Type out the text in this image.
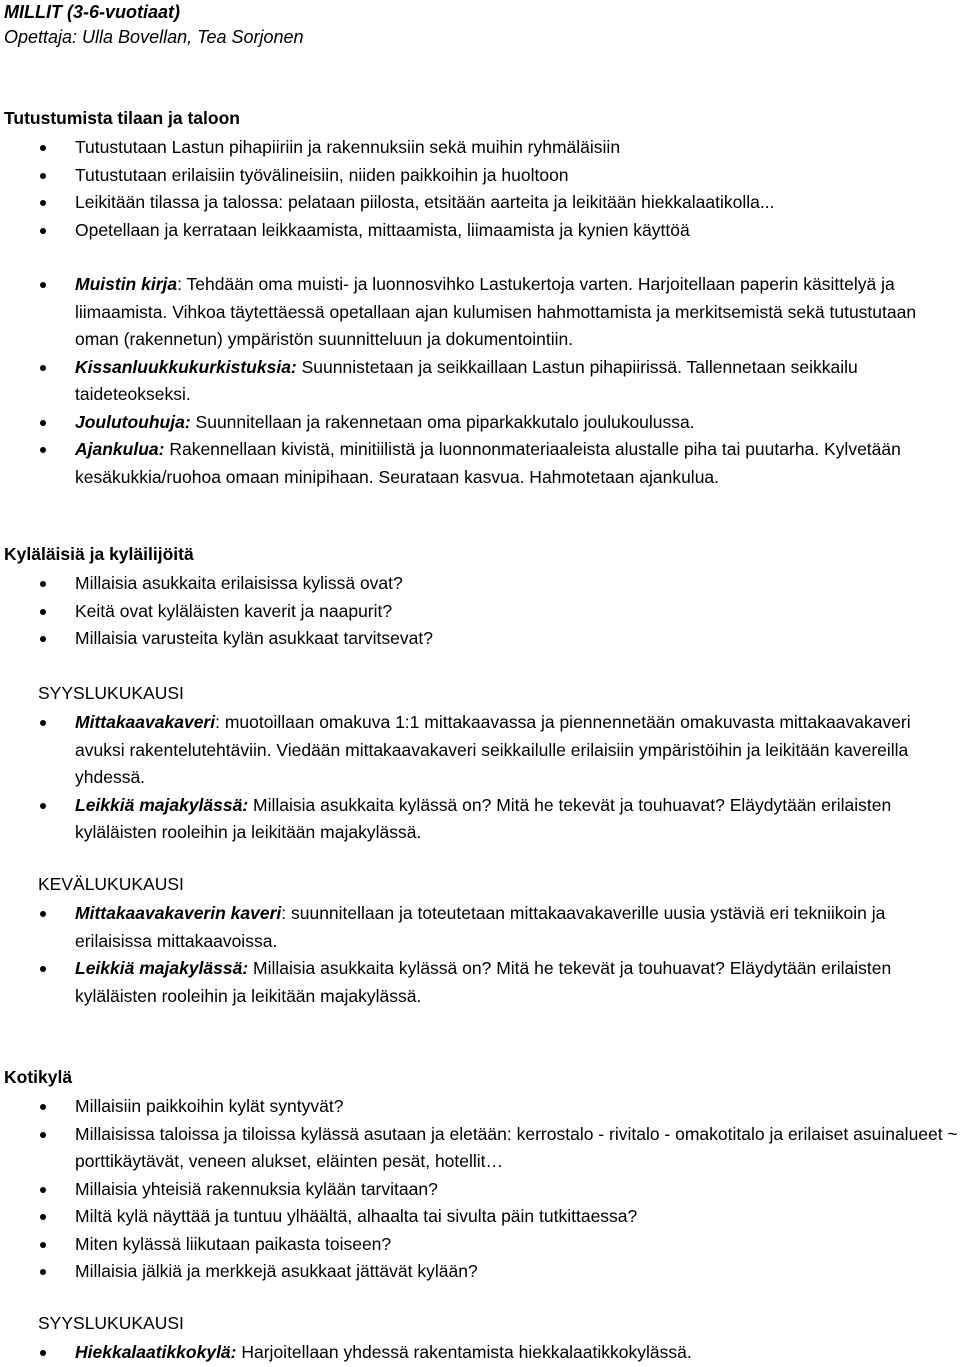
MILLIT (3-6-vuotiaat)
Opettaja: Ulla Bovellan, Tea Sorjonen
Tutustumista tilaan ja taloon
Tutustutaan Lastun pihapiiriin ja rakennuksiin sekä muihin ryhmäläisiin
Tutustutaan erilaisiin työvälineisiin, niiden paikkoihin ja huoltoon
Leikitään tilassa ja talossa: pelataan piilosta, etsitään aarteita ja leikitään hiekkalaatikolla...
Opetellaan ja kerrataan leikkaamista, mittaamista, liimaamista ja kynien käyttöä
Muistin kirja: Tehdään oma muisti- ja luonnosvihko Lastukertoja varten. Harjoitellaan paperin käsittelyä ja liimaamista. Vihkoa täytettäessä opetallaan ajan kulumisen hahmottamista ja merkitsemistä sekä tutustutaan oman (rakennetun) ympäristön suunnitteluun ja dokumentointiin.
Kissanluukkukurkistuksia: Suunnistetaan ja seikkaillaan Lastun pihapiirissä. Tallennetaan seikkailu taideteokseksi.
Joulutouhuja: Suunnitellaan ja rakennetaan oma piparkakkutalo joulukoulussa.
Ajankulua: Rakennellaan kivistä, minitiilistä ja luonnonmateriaaleista alustalle piha tai puutarha. Kylvetään kesäkukkia/ruohoa omaan minipihaan. Seurataan kasvua. Hahmotetaan ajankulua.
Kyläläisiä ja kyläilijöitä
Millaisia asukkaita erilaisissa kylissä ovat?
Keitä ovat kyläläisten kaverit ja naapurit?
Millaisia varusteita kylän asukkaat tarvitsevat?
SYYSLUKUKAUSI
Mittakaavakaveri: muotoillaan omakuva 1:1 mittakaavassa ja piennennetään omakuvasta mittakaavakaveri avuksi rakentelutehtäviin. Viedään mittakaavakaveri seikkailulle erilaisiin ympäristöihin ja leikitään kavereilla yhdessä.
Leikkiä majakylässä: Millaisia asukkaita kylässä on? Mitä he tekevät ja touhuavat? Eläydytään erilaisten kyläläisten rooleihin ja leikitään majakylässä.
KEVÄLUKUKAUSI
Mittakaavakaverin kaveri: suunnitellaan ja toteutetaan mittakaavakaverille uusia ystäviä eri tekniikoin ja erilaisissa mittakaavoissa.
Leikkiä majakylässä: Millaisia asukkaita kylässä on? Mitä he tekevät ja touhuavat? Eläydytään erilaisten kyläläisten rooleihin ja leikitään majakylässä.
Kotikylä
Millaisiin paikkoihin kylät syntyvät?
Millaisissa taloissa ja tiloissa kylässä asutaan ja eletään: kerrostalo - rivitalo - omakotitalo ja erilaiset asuinalueet ~ porttikäytävät, veneen alukset, eläinten pesät, hotellit…
Millaisia yhteisiä rakennuksia kylään tarvitaan?
Miltä kylä näyttää ja tuntuu ylhäältä, alhaalta tai sivulta päin tutkittaessa?
Miten kylässä liikutaan paikasta toiseen?
Millaisia jälkiä ja merkkejä asukkaat jättävät kylään?
SYYSLUKUKAUSI
Hiekkalaatikkokylä: Harjoitellaan yhdessä rakentamista hiekkalaatikkokylässä.
